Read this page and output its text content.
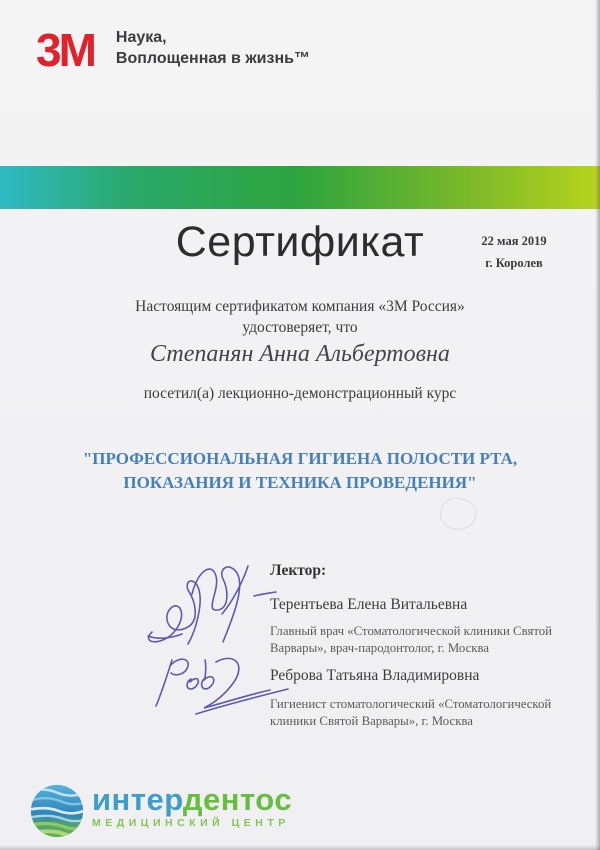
3M Наука,
Воплощенная в жизнь™
Сертификат	22 мая 2019
г. Королев
Настоящим сертификатом компания «3М Россия»
удостоверяет, что
Степанян Анна Альбертовна
посетил(а) лекционно-демонстрационный курс
"ПРОФЕССИОНАЛЬНАЯ ГИГИЕНА ПОЛОСТИ РТА,
ПОКАЗАНИЯ И ТЕХНИКА ПРОВЕДЕНИЯ"
Лектор:
Терентьева Елена Витальевна
Главный врач «Стоматологической клиники Святой Варвары», врач-пародонтолог, г. Москва
Реброва Татьяна Владимировна
Гигиенист стоматологический «Стоматологической клиники Святой Варвары», г. Москва
интердентос
МЕДИЦИНСКИЙ ЦЕНТР
